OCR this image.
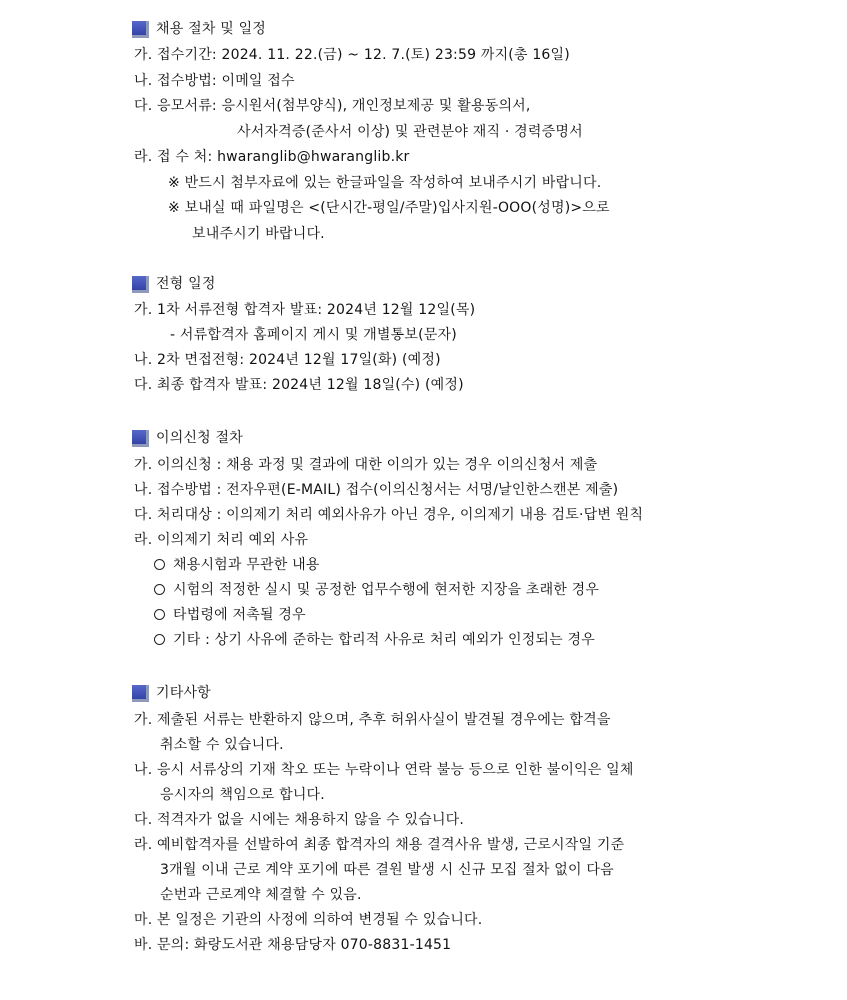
채용 절차 및 일정
가. 접수기간: 2024. 11. 22.(금) ~ 12. 7.(토) 23:59 까지(총 16일)
나. 접수방법: 이메일 접수
다. 응모서류: 응시원서(첨부양식), 개인정보제공 및 활용동의서,
사서자격증(준사서 이상) 및 관련분야 재직 · 경력증명서
라. 접 수 처: hwaranglib@hwaranglib.kr
※ 반드시 첨부자료에 있는 한글파일을 작성하여 보내주시기 바랍니다.
※ 보내실 때 파일명은 <(단시간-평일/주말)입사지원-OOO(성명)>으로
보내주시기 바랍니다.
전형 일정
가. 1차 서류전형 합격자 발표: 2024년 12월 12일(목)
- 서류합격자 홈페이지 게시 및 개별통보(문자)
나. 2차 면접전형: 2024년 12월 17일(화) (예정)
다. 최종 합격자 발표: 2024년 12월 18일(수) (예정)
이의신청 절차
가. 이의신청 : 채용 과정 및 결과에 대한 이의가 있는 경우 이의신청서 제출
나. 접수방법 : 전자우편(E-MAIL) 접수(이의신청서는 서명/날인한스캔본 제출)
다. 처리대상 : 이의제기 처리 예외사유가 아닌 경우, 이의제기 내용 검토·답변 원칙
라. 이의제기 처리 예외 사유
채용시험과 무관한 내용
시험의 적정한 실시 및 공정한 업무수행에 현저한 지장을 초래한 경우
타법령에 저촉될 경우
기타 : 상기 사유에 준하는 합리적 사유로 처리 예외가 인정되는 경우
기타사항
가. 제출된 서류는 반환하지 않으며, 추후 허위사실이 발견될 경우에는 합격을
취소할 수 있습니다.
나. 응시 서류상의 기재 착오 또는 누락이나 연락 불능 등으로 인한 불이익은 일체
응시자의 책임으로 합니다.
다. 적격자가 없을 시에는 채용하지 않을 수 있습니다.
라. 예비합격자를 선발하여 최종 합격자의 채용 결격사유 발생, 근로시작일 기준
3개월 이내 근로 계약 포기에 따른 결원 발생 시 신규 모집 절차 없이 다음
순번과 근로계약 체결할 수 있음.
마. 본 일정은 기관의 사정에 의하여 변경될 수 있습니다.
바. 문의: 화랑도서관 채용담당자 070-8831-1451
